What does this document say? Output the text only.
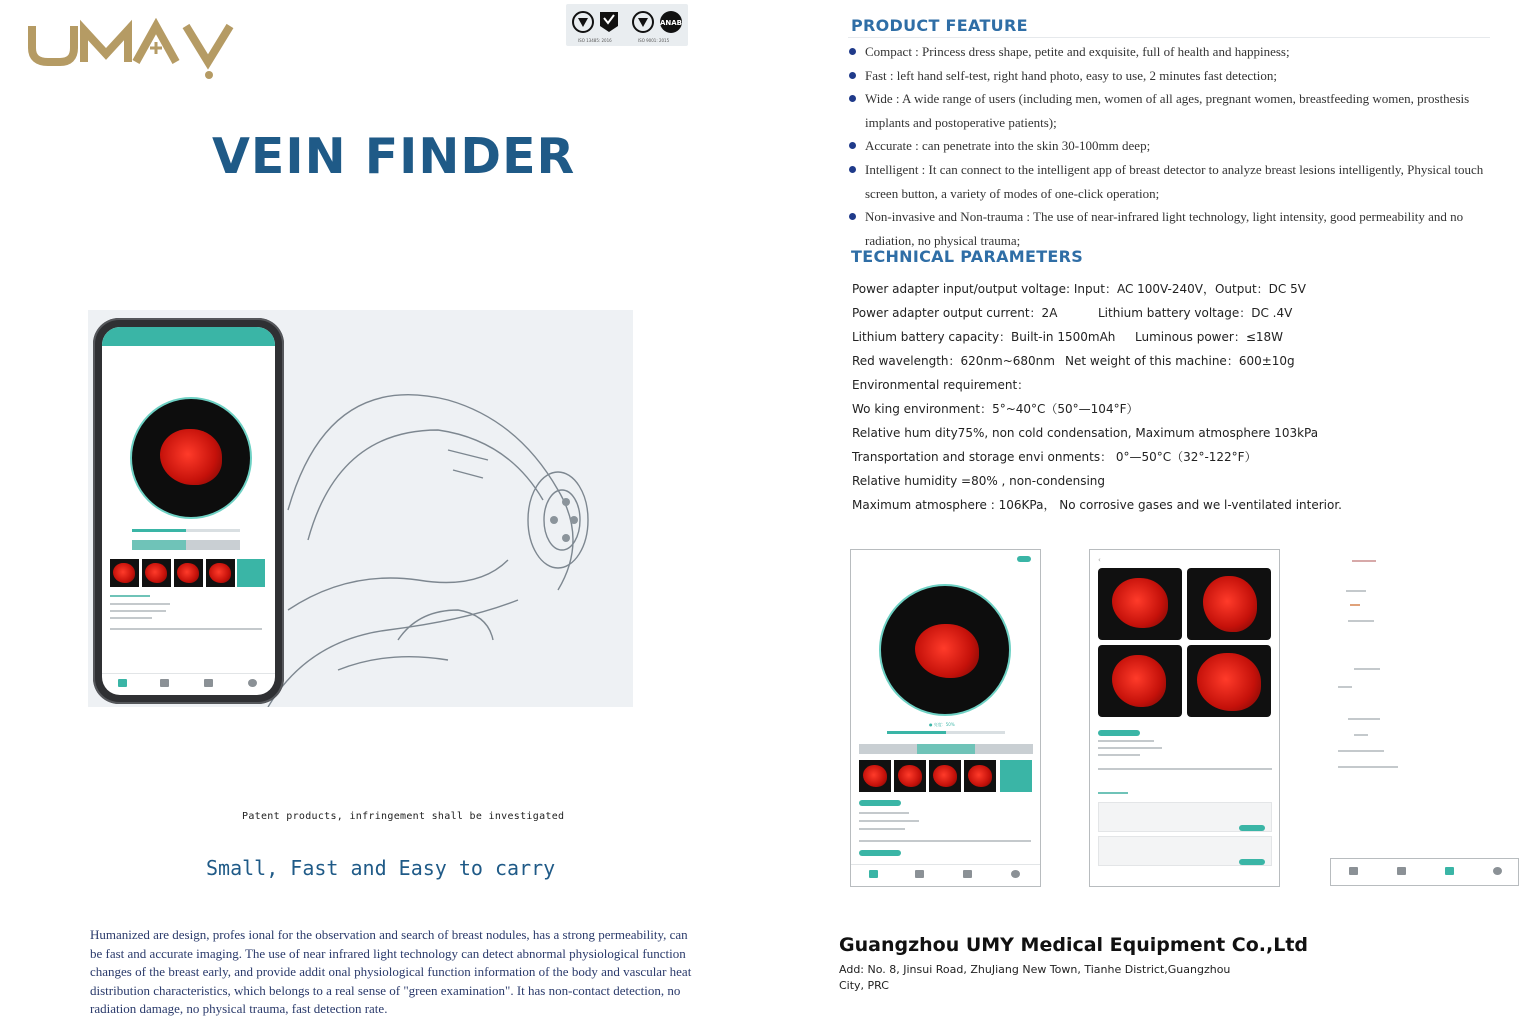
ANAB
ISO 13485: 2016	ISO 9001: 2015
VEIN FINDER

Patent products, infringement shall be investigated

Small, Fast and Easy to carry

Humanized are design, profes ional for the observation and search of breast nodules, has a strong permeability, can be fast and accurate imaging. The use of near infrared light technology can detect abnormal physiological function changes of the breast early, and provide addit onal physiological function information of the body and vascular heat distribution characteristics, which belongs to a real sense of "green examination". It has non-contact detection, no radiation damage, no physical trauma, fast detection rate.

PRODUCT FEATURE
Compact : Princess dress shape, petite and exquisite, full of health and happiness;
Fast : left hand self-test, right hand photo, easy to use, 2 minutes fast detection;
Wide : A wide range of users (including men, women of all ages, pregnant women, breastfeeding women, prosthesis implants and postoperative patients);
Accurate : can penetrate into the skin 30-100mm deep;
Intelligent : It can connect to the intelligent app of breast detector to analyze breast lesions intelligently, Physical touch screen button, a variety of modes of one-click operation;
Non-invasive and Non-trauma : The use of near-infrared light technology, light intensity, good permeability and no radiation, no physical trauma;
TECHNICAL PARAMETERS
Power adapter input/output voltage: Input：AC 100V-240V，Output：DC 5V
Power adapter output current：2A	Lithium battery voltage：DC .4V
Lithium battery capacity：Built-in 1500mAh Luminous power：≤18W
Red wavelength：620nm~680nm Net weight of this machine：600±10g
Environmental requirement：
Wo king environment：5°~40°C（50°—104°F）
Relative hum dity75%, non cold condensation, Maximum atmosphere 103kPa
Transportation and storage envi onments： 0°—50°C（32°-122°F）
Relative humidity =80% , non-condensing
Maximum atmosphere : 106KPa， No corrosive gases and we l-ventilated interior.
● 亮度：50%
‹
Guangzhou UMY Medical Equipment Co.,Ltd

Add: No. 8, Jinsui Road, ZhuJiang New Town, Tianhe District,Guangzhou City, PRC
